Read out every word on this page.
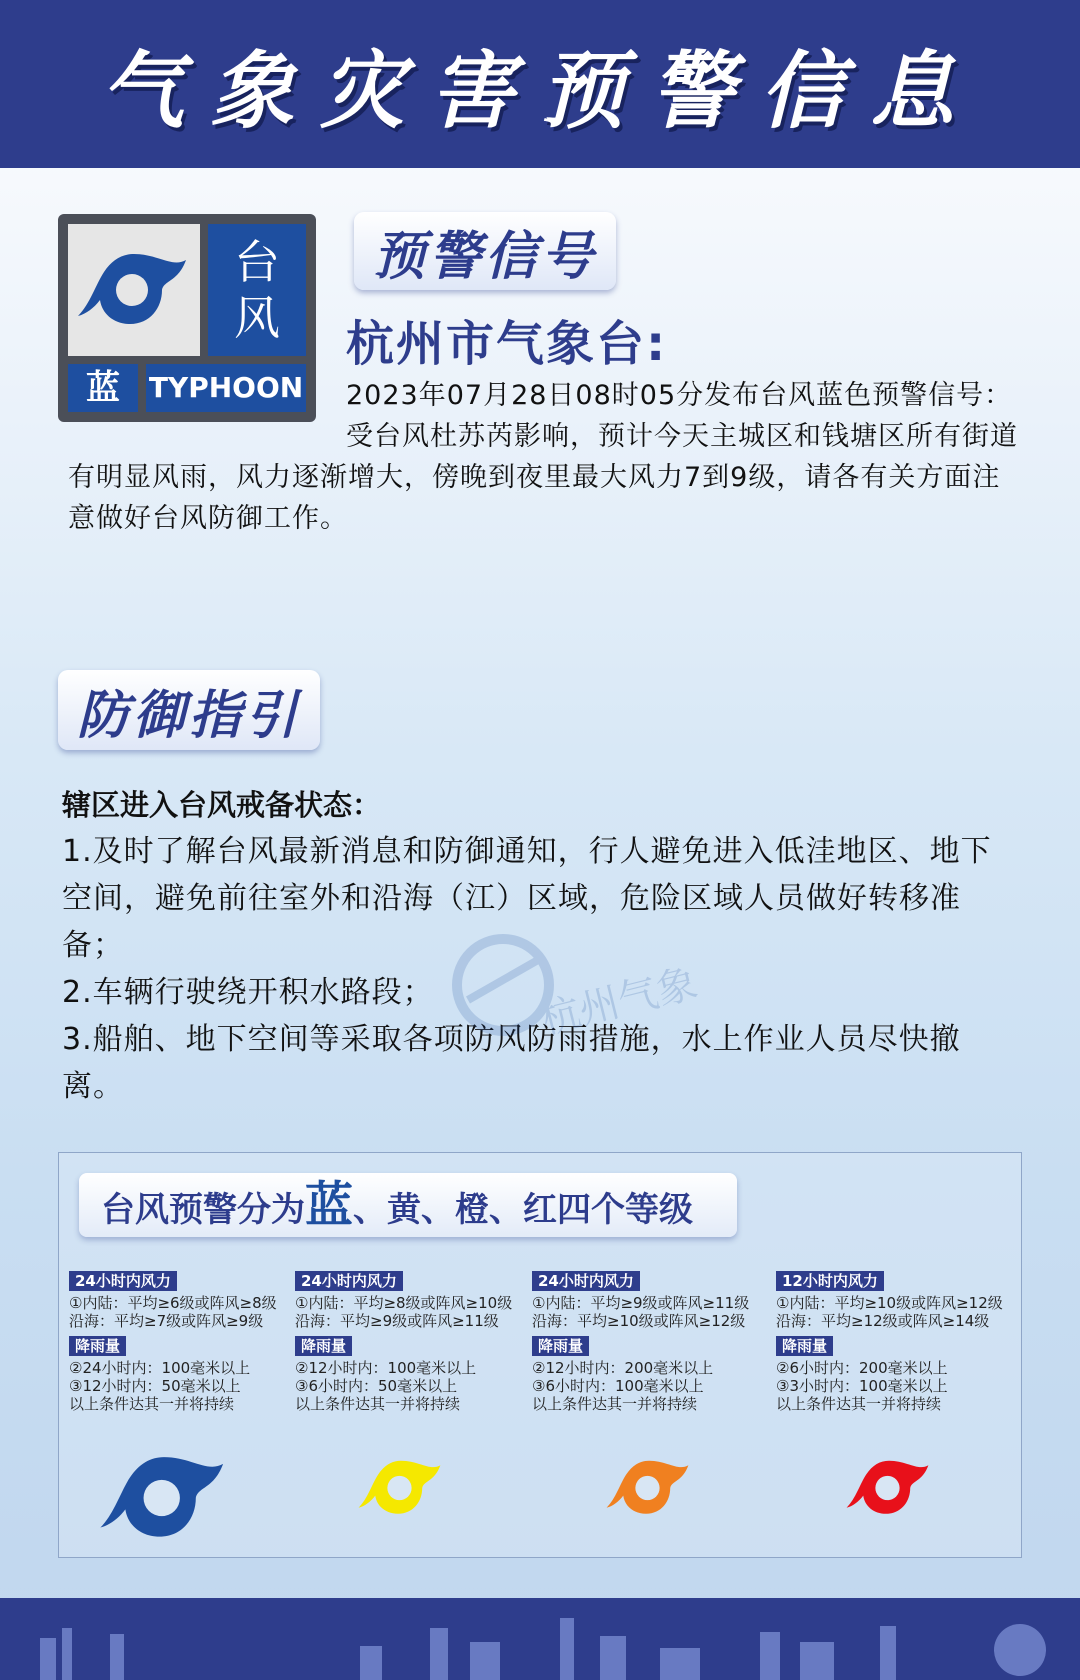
气象灾害预警信息
台
风
蓝	TYPHOON
预警信号
杭州市气象台:
2023年07月28日08时05分发布台风蓝色预警信号：受台风杜苏芮影响，预计今天主城区和钱塘区所有街道有明显风雨，风力逐渐增大，傍晚到夜里最大风力7到9级，请各有关方面注意做好台风防御工作。
防御指引
辖区进入台风戒备状态：

1.及时了解台风最新消息和防御通知，行人避免进入低洼地区、地下空间，避免前往室外和沿海（江）区域，危险区域人员做好转移准备；

2.车辆行驶绕开积水路段；

3.船舶、地下空间等采取各项防风防雨措施，水上作业人员尽快撤离。

杭州气象
台风预警分为蓝、黄、橙、红四个等级
24小时内风力
①内陆：平均≥6级或阵风≥8级
沿海：平均≥7级或阵风≥9级
降雨量
②24小时内：100毫米以上
③12小时内：50毫米以上
以上条件达其一并将持续
24小时内风力
①内陆：平均≥8级或阵风≥10级
沿海：平均≥9级或阵风≥11级
降雨量
②12小时内：100毫米以上
③6小时内：50毫米以上
以上条件达其一并将持续
24小时内风力
①内陆：平均≥9级或阵风≥11级
沿海：平均≥10级或阵风≥12级
降雨量
②12小时内：200毫米以上
③6小时内：100毫米以上
以上条件达其一并将持续
12小时内风力
①内陆：平均≥10级或阵风≥12级
沿海：平均≥12级或阵风≥14级
降雨量
②6小时内：200毫米以上
③3小时内：100毫米以上
以上条件达其一并将持续
